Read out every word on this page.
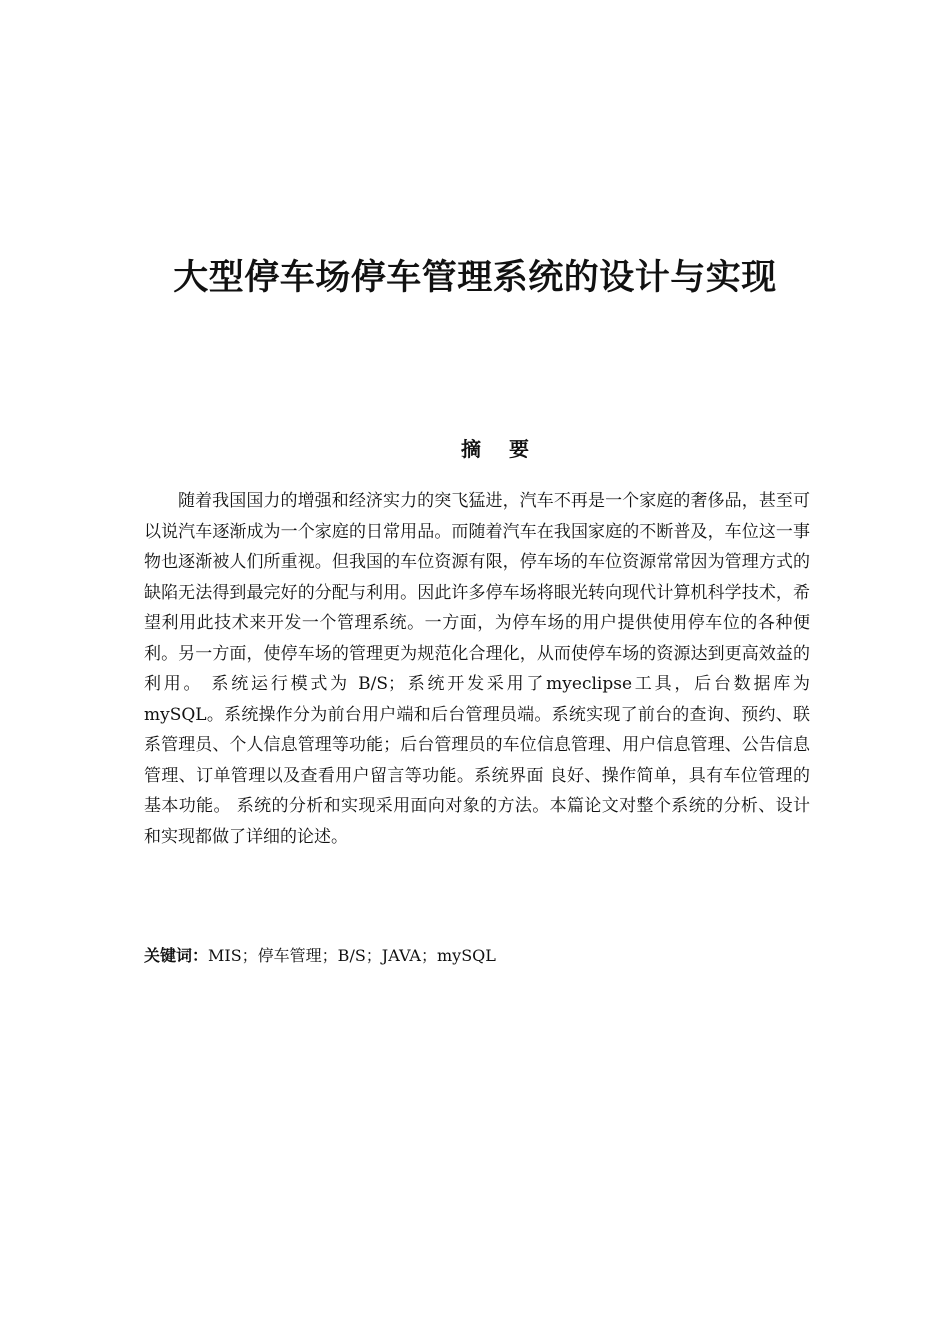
大型停车场停车管理系统的设计与实现
摘要

随着我国国力的增强和经济实力的突飞猛进，汽车不再是一个家庭的奢侈品，甚至可以说汽车逐渐成为一个家庭的日常用品。而随着汽车在我国家庭的不断普及，车位这一事物也逐渐被人们所重视。但我国的车位资源有限，停车场的车位资源常常因为管理方式的缺陷无法得到最完好的分配与利用。因此许多停车场将眼光转向现代计算机科学技术，希望利用此技术来开发一个管理系统。一方面，为停车场的用户提供使用停车位的各种便利。另一方面，使停车场的管理更为规范化合理化，从而使停车场的资源达到更高效益的利用。 系统运行模式为 B/S；系统开发采用了myeclipse工具，后台数据库为 mySQL。系统操作分为前台用户端和后台管理员端。系统实现了前台的查询、预约、联系管理员、个人信息管理等功能；后台管理员的车位信息管理、用户信息管理、公告信息管理、订单管理以及查看用户留言等功能。系统界面 良好、操作简单，具有车位管理的基本功能。 系统的分析和实现采用面向对象的方法。本篇论文对整个系统的分析、设计 和实现都做了详细的论述。

关键词：MIS；停车管理；B/S；JAVA；mySQL
